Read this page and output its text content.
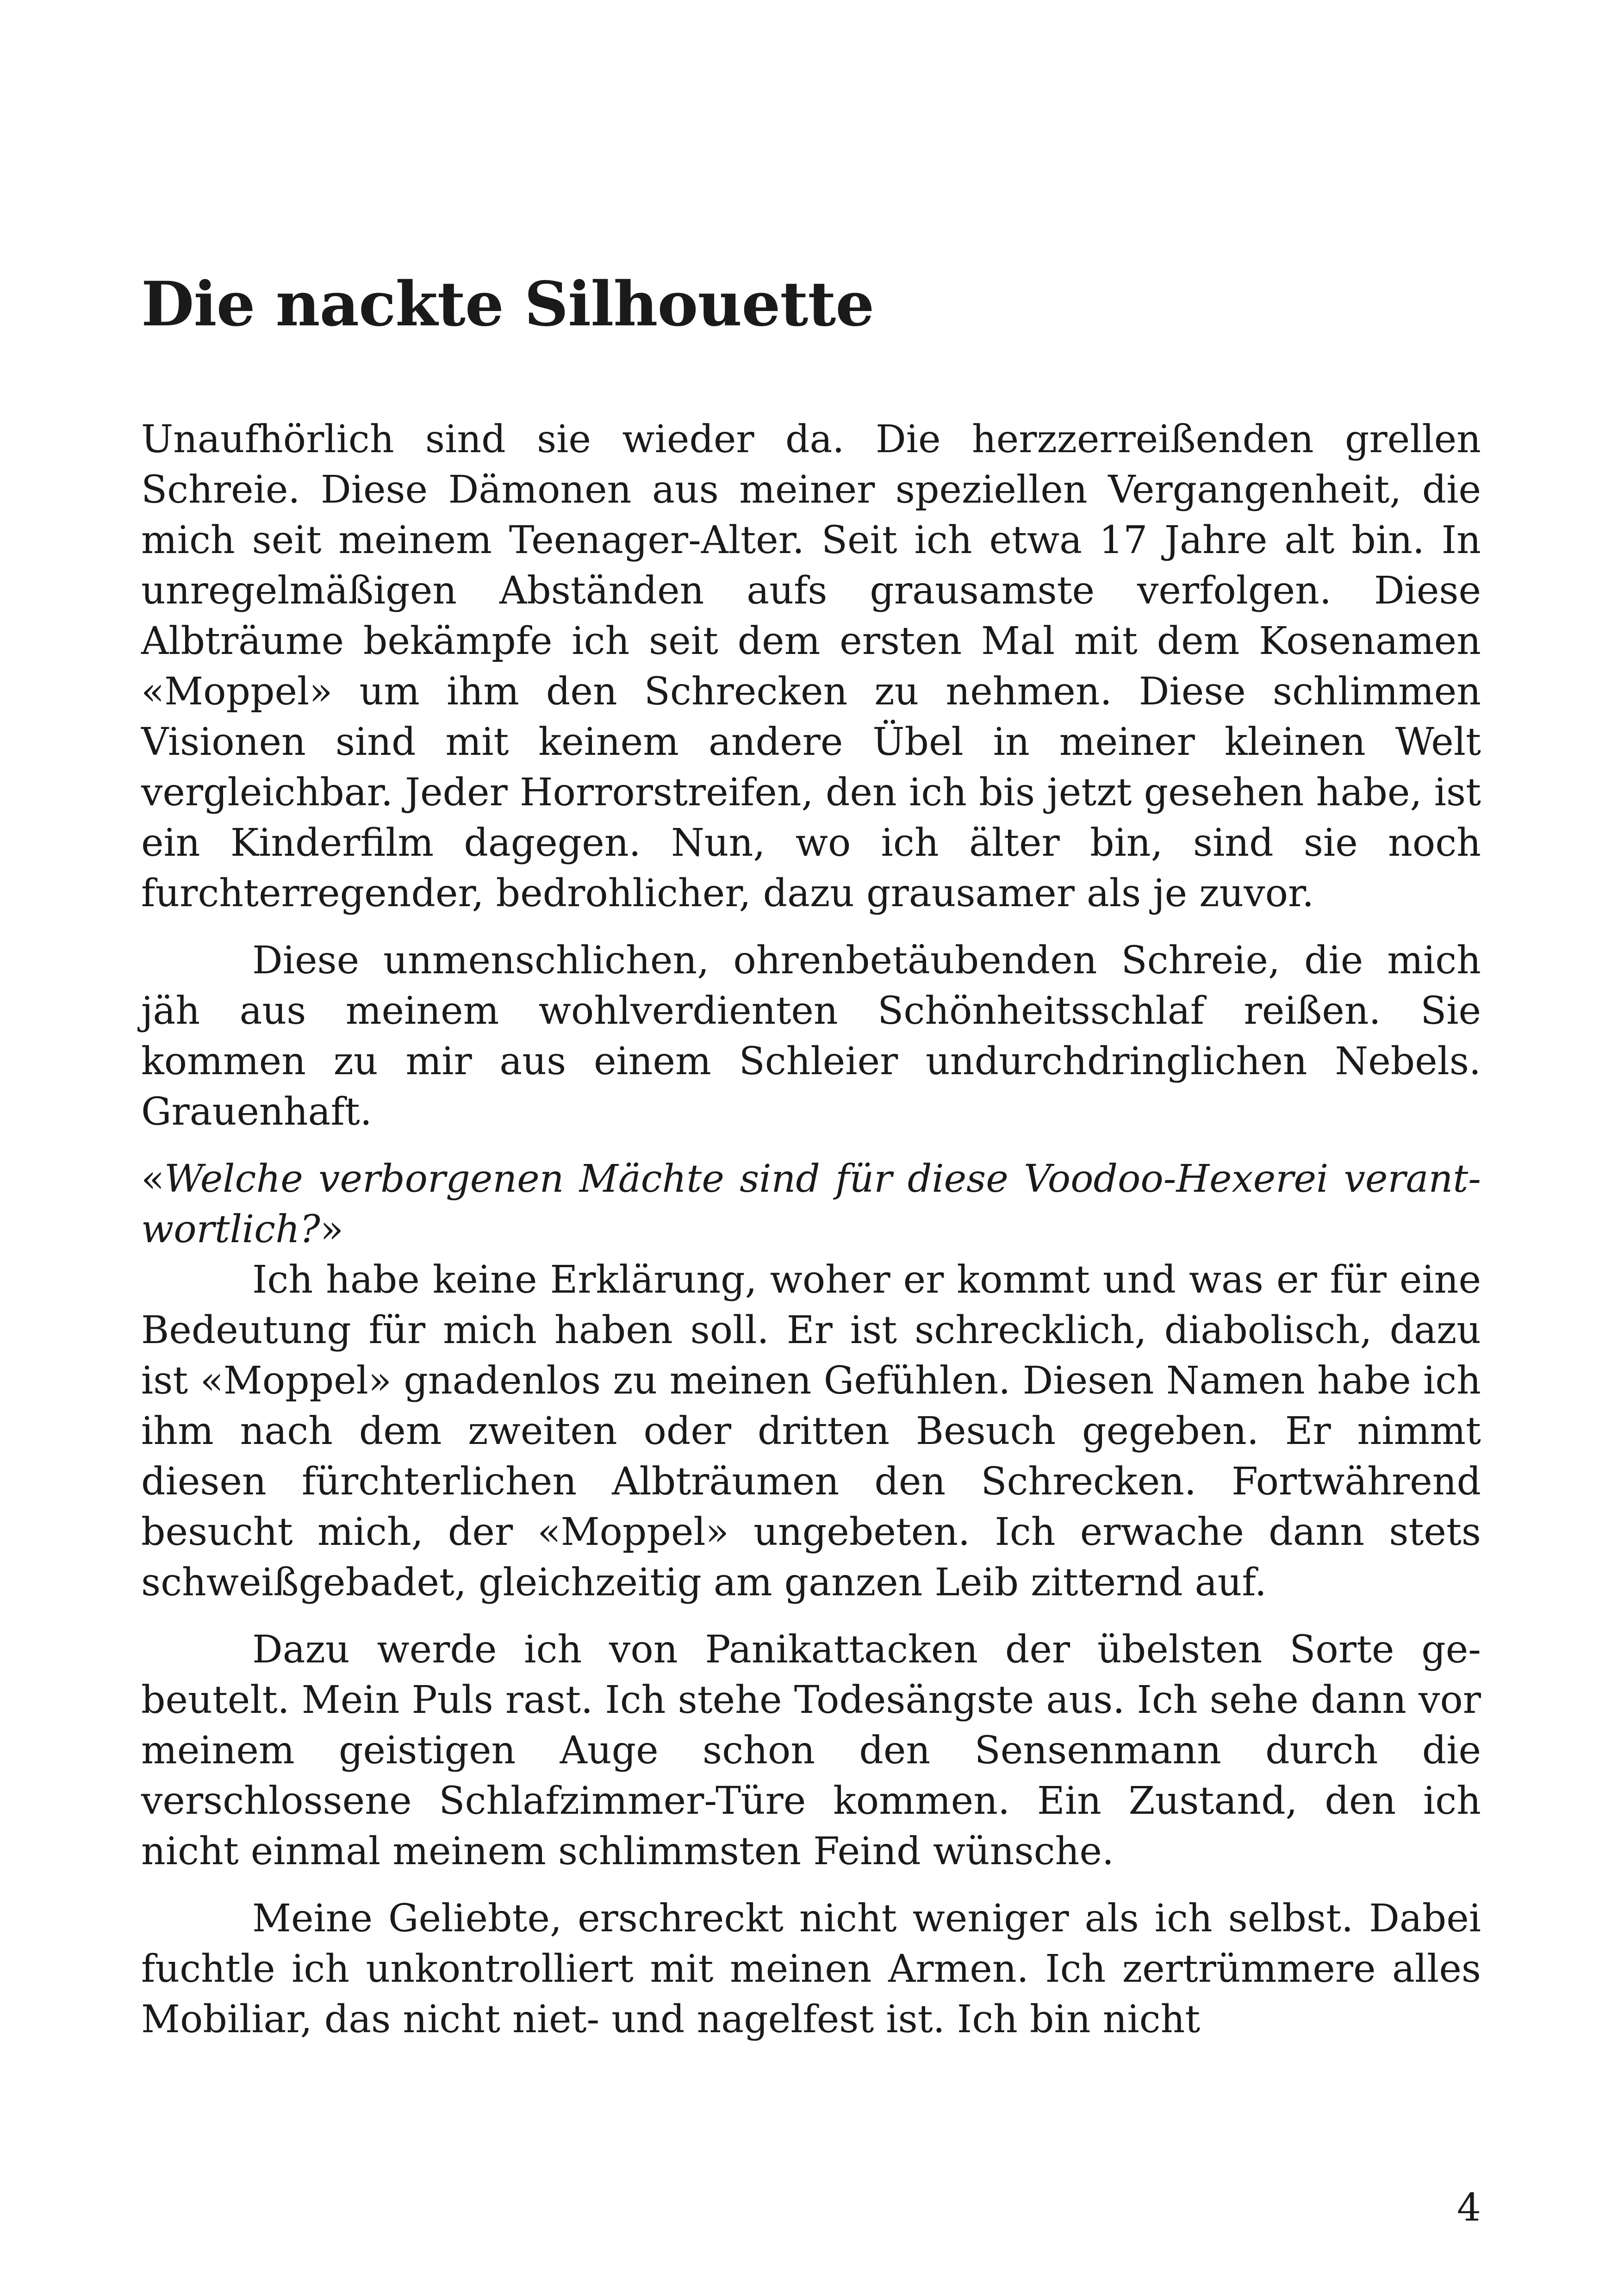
Die nackte Silhouette

Unaufhörlich sind sie wieder da. Die herzzerreißenden grellen Schreie. Diese Dämonen aus meiner speziellen Vergangenheit, die mich seit meinem Teenager-Alter. Seit ich etwa 17 Jahre alt bin. In unregelmäßigen Abständen aufs grausamste verfolgen. Diese Albträume bekämpfe ich seit dem ersten Mal mit dem Kosenamen «Moppel» um ihm den Schrecken zu nehmen. Diese schlimmen Visionen sind mit keinem andere Übel in meiner kleinen Welt vergleichbar. Jeder Horrorstreifen, den ich bis jetzt gesehen habe, ist ein Kinderfilm dagegen. Nun, wo ich älter bin, sind sie noch furchterregender, bedrohlicher, dazu grausamer als je zuvor.

Diese unmenschlichen, ohrenbetäubenden Schreie, die mich jäh aus meinem wohlverdienten Schönheitsschlaf reißen. Sie kommen zu mir aus einem Schleier undurchdringlichen Nebels. Grauenhaft.

«Welche verborgenen Mächte sind für diese Voodoo-Hexerei verantwortlich?»

Ich habe keine Erklärung, woher er kommt und was er für eine Bedeutung für mich haben soll. Er ist schrecklich, diabolisch, dazu ist «Moppel» gnadenlos zu meinen Gefühlen. Diesen Namen habe ich ihm nach dem zweiten oder dritten Besuch gegeben. Er nimmt diesen fürchterlichen Albträumen den Schrecken. Fortwährend besucht mich, der «Moppel» ungebeten. Ich erwache dann stets schweißgebadet, gleichzeitig am ganzen Leib zitternd auf.

Dazu werde ich von Panikattacken der übelsten Sorte gebeutelt. Mein Puls rast. Ich stehe Todesängste aus. Ich sehe dann vor meinem geistigen Auge schon den Sensenmann durch die verschlossene Schlafzimmer-Türe kommen. Ein Zustand, den ich nicht einmal meinem schlimmsten Feind wünsche.

Meine Geliebte, erschreckt nicht weniger als ich selbst. Dabei fuchtle ich unkontrolliert mit meinen Armen. Ich zertrümmere alles Mobiliar, das nicht niet- und nagelfest ist. Ich bin nicht

4
